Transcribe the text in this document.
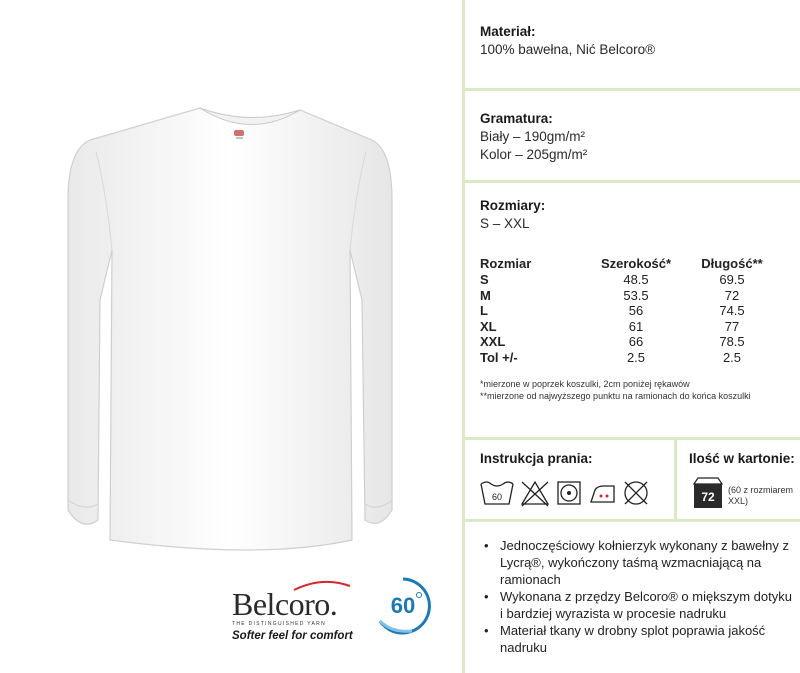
Belcoro.
THE DISTINGUISHED YARN
Softer feel for comfort
60
Materiał:
100% bawełna, Nić Belcoro®
Gramatura:
Biały – 190gm/m²
Kolor – 205gm/m²
Rozmiary:
S – XXL
Rozmiar	Szerokość*	Długość**
S	48.5	69.5
M	53.5	72
L	56	74.5
XL	61	77
XXL	66	78.5
Tol +/-	2.5	2.5
*mierzone w poprzek koszulki, 2cm poniżej rękawów
**mierzone od najwyższego punktu na ramionach do końca koszulki
Instrukcja prania:
60
Ilość w kartonie:
72 (60 z rozmiarem XXL)
• Jednoczęściowy kołnierzyk wykonany z bawełny z Lycrą®, wykończony taśmą wzmacniającą na ramionach
• Wykonana z przędzy Belcoro® o miększym dotyku i bardziej wyrazista w procesie nadruku
• Materiał tkany w drobny splot poprawia jakość nadruku
